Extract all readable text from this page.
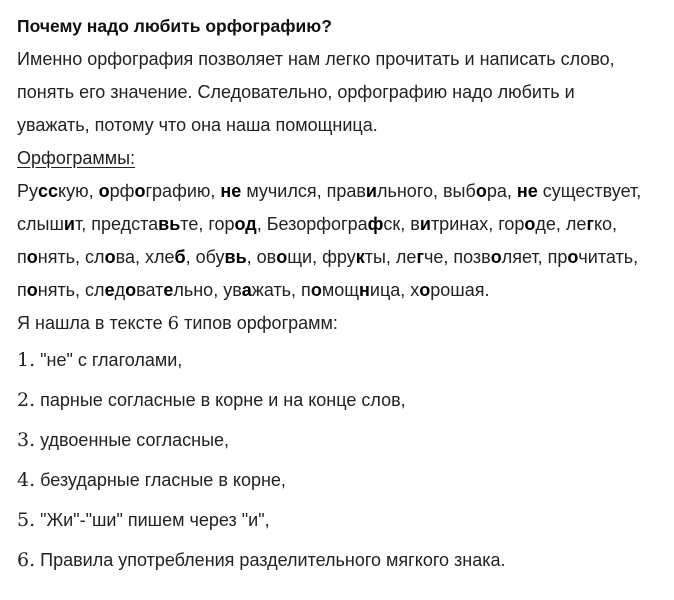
Почему надо любить орфографию?
Именно орфография позволяет нам легко прочитать и написать слово,
понять его значение. Следовательно, орфографию надо любить и
уважать, потому что она наша помощница.
Орфограммы:
Русскую, орфографию, не мучился, правильного, выбора, не существует,
слышит, представьте, город, Безорфографск, витринах, городе, легко,
понять, слова, хлеб, обувь, овощи, фрукты, легче, позволяет, прочитать,
понять, следовательно, уважать, помощница, хорошая.
Я нашла в тексте 6 типов орфограмм:
1. "не" с глаголами,
2. парные согласные в корне и на конце слов,
3. удвоенные согласные,
4. безударные гласные в корне,
5. "Жи"-"ши" пишем через "и",
6. Правила употребления разделительного мягкого знака.
